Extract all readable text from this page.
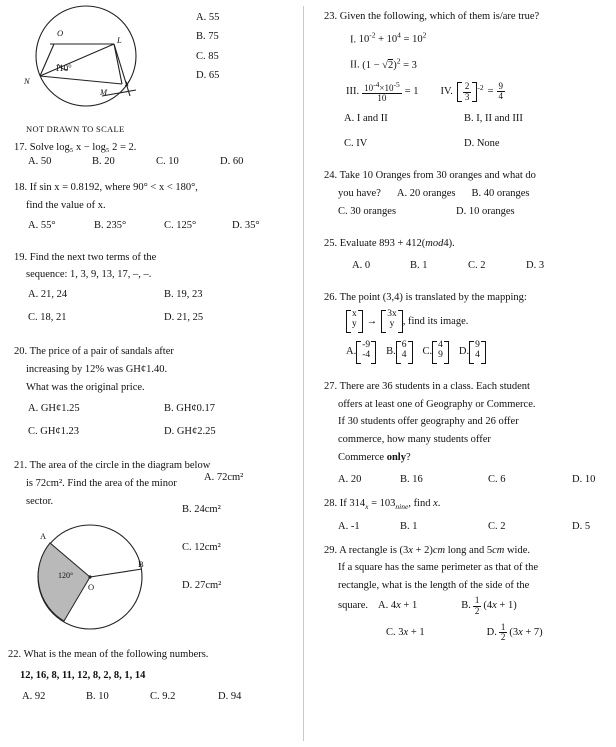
O
L
110°
N
M
x
A. 55
B. 75
C. 85
D. 65
NOT DRAWN TO SCALE
17. Solve log₅ x − log₅ 2 = 2.
A. 50	B. 20	C. 10	D. 60
18. If sin x = 0.8192, where 90° < x < 180°,
find the value of x.
A. 55°	B. 235°	C. 125°	D. 35°
19. Find the next two terms of the
sequence: 1, 3, 9, 13, 17, –, –.
A. 21, 24	B. 19, 23
C. 18, 21	D. 21, 25
20. The price of a pair of sandals after
increasing by 12% was GH¢1.40.
What was the original price.
A. GH¢1.25	B. GH¢0.17
C. GH¢1.23	D. GH¢2.25
21. The area of the circle in the diagram below
is 72cm². Find the area of the minor
sector.
A. 72cm²
A
B
120°
O
B. 24cm²
C. 12cm²
D. 27cm²
22. What is the mean of the following numbers.
12, 16, 8, 11, 12, 8, 2, 8, 1, 14
A. 92	B. 10	C. 9.2	D. 94
23. Given the following, which of them is/are true?
I. $10^{-2} + 10^4 = 10^2$
II. $(1 - √2)^2 = 3$
III. $\frac{10^{-4}\times 10^{-5}}{10} = 1$ IV. $\frac{2}{3} ^{-2} = \frac{9}{4}$
A. I and II	B. I, II and III
C. IV	D. None
24. Take 10 Oranges from 30 oranges and what do
you have? A. 20 oranges B. 40 oranges
C. 30 oranges	D. 10 oranges
25. Evaluate 893 + 412(mod4).
A. 0	B. 1	C. 2	D. 3
26. The point (3,4) is translated by the mapping:
x
y →
3x
y , find its image.
A.
-9
-4	B.
6
4	C.
4
9	D.
9
4
27. There are 36 students in a class. Each student
offers at least one of Geography or Commerce.
If 30 students offer geography and 26 offer
commerce, how many students offer
Commerce only?
A. 20	B. 16	C. 6	D. 10
28. If $314_x = 103_{nine}$, find x.
A. -1	B. 1	C. 2	D. 5
29. A rectangle is (3x + 2)cm long and 5cm wide.
If a square has the same perimeter as that of the
rectangle, what is the length of the side of the
square. A. 4x + 1	B. $\frac{1}{2} (4x + 1)$
C. 3x + 1	D. $\frac{1}{2} (3x + 7)$
